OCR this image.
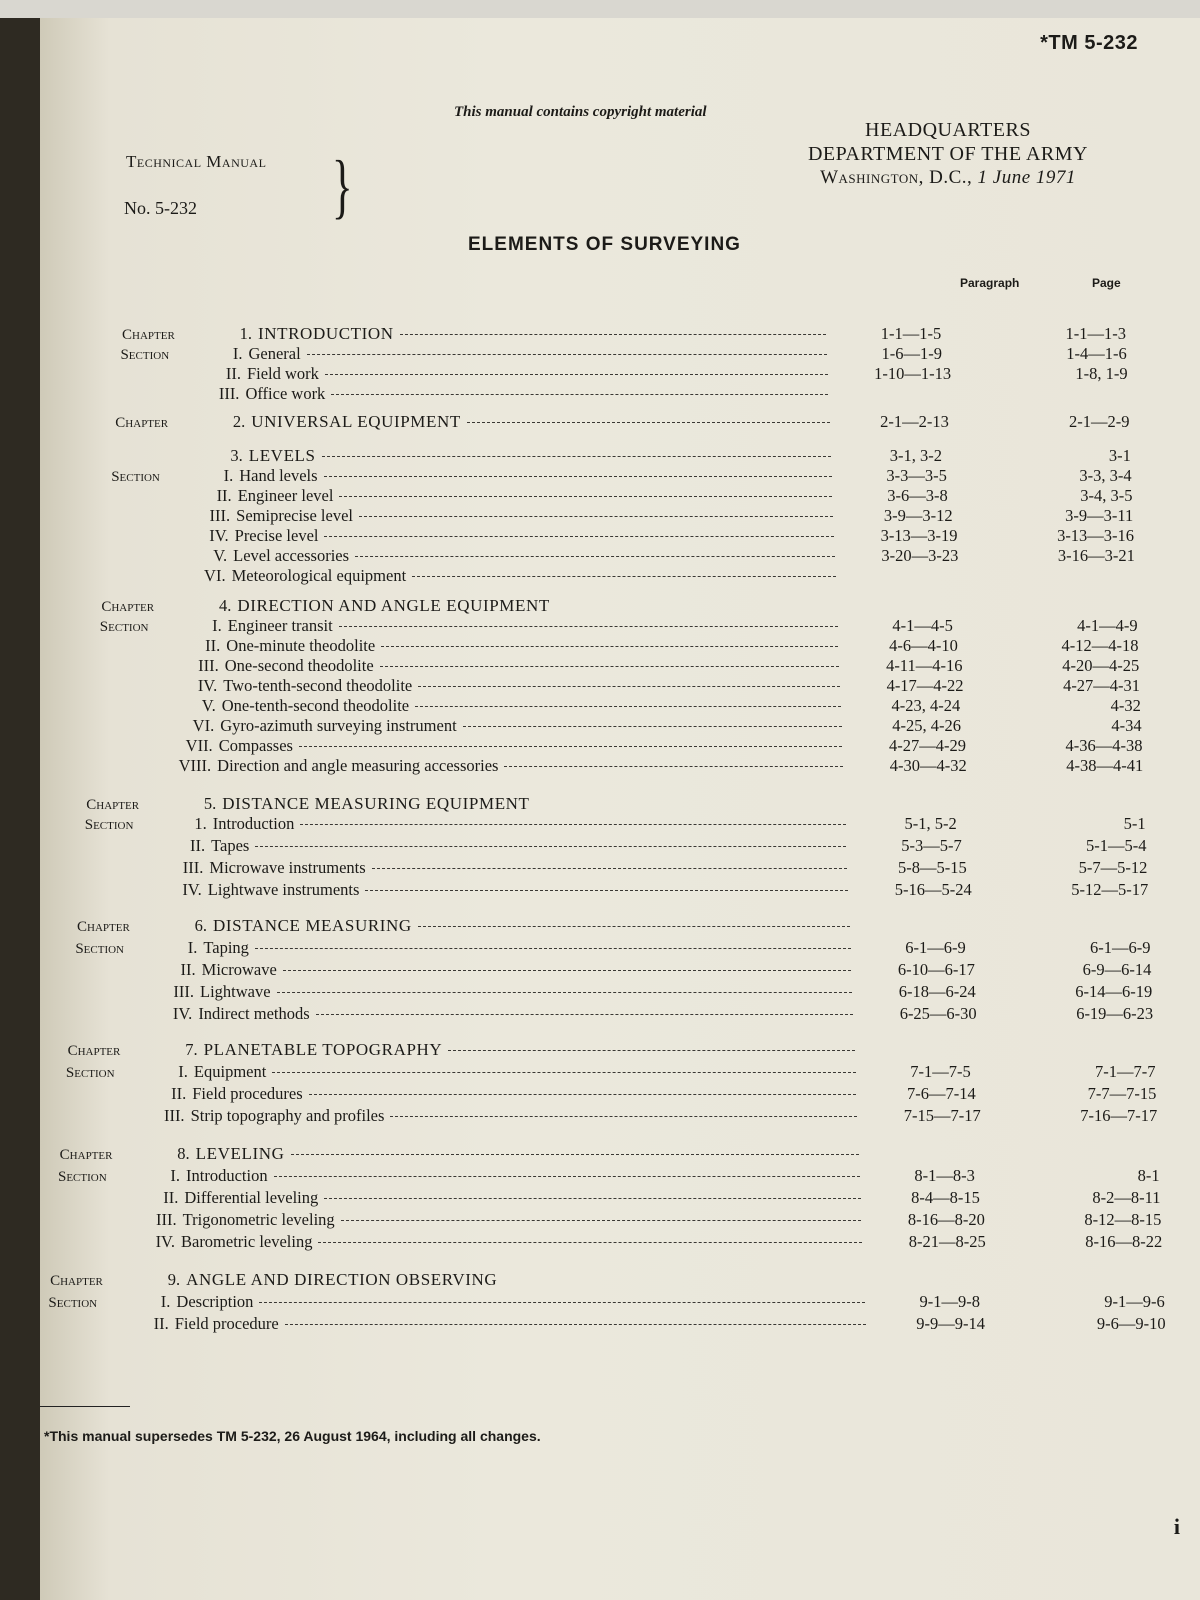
*TM 5-232
This manual contains copyright material
Technical Manual
No. 5-232 }
HEADQUARTERS
DEPARTMENT OF THE ARMY
Washington, D.C., 1 June 1971
ELEMENTS OF SURVEYING
Paragraph	Page
Chapter	1. INTRODUCTION	1-1—1-5	1-1—1-3
Section	I. General	1-6—1-9	1-4—1-6
II. Field work	1-10—1-13	1-8, 1-9
III. Office work
Chapter	2. UNIVERSAL EQUIPMENT	2-1—2-13	2-1—2-9
3. LEVELS	3-1, 3-2	3-1
Section	I. Hand levels	3-3—3-5	3-3, 3-4
II. Engineer level	3-6—3-8	3-4, 3-5
III. Semiprecise level	3-9—3-12	3-9—3-11
IV. Precise level	3-13—3-19	3-13—3-16
V. Level accessories	3-20—3-23	3-16—3-21
VI. Meteorological equipment
Chapter	4. DIRECTION AND ANGLE EQUIPMENT
Section	I. Engineer transit	4-1—4-5	4-1—4-9
II. One-minute theodolite	4-6—4-10	4-12—4-18
III. One-second theodolite	4-11—4-16	4-20—4-25
IV. Two-tenth-second theodolite	4-17—4-22	4-27—4-31
V. One-tenth-second theodolite	4-23, 4-24	4-32
VI. Gyro-azimuth surveying instrument	4-25, 4-26	4-34
VII. Compasses	4-27—4-29	4-36—4-38
VIII. Direction and angle measuring accessories	4-30—4-32	4-38—4-41
Chapter	5. DISTANCE MEASURING EQUIPMENT
Section	1. Introduction	5-1, 5-2	5-1
II. Tapes	5-3—5-7	5-1—5-4
III. Microwave instruments	5-8—5-15	5-7—5-12
IV. Lightwave instruments	5-16—5-24	5-12—5-17
Chapter	6. DISTANCE MEASURING
Section	I. Taping	6-1—6-9	6-1—6-9
II. Microwave	6-10—6-17	6-9—6-14
III. Lightwave	6-18—6-24	6-14—6-19
IV. Indirect methods	6-25—6-30	6-19—6-23
Chapter	7. PLANETABLE TOPOGRAPHY
Section	I. Equipment	7-1—7-5	7-1—7-7
II. Field procedures	7-6—7-14	7-7—7-15
III. Strip topography and profiles	7-15—7-17	7-16—7-17
Chapter	8. LEVELING
Section	I. Introduction	8-1—8-3	8-1
II. Differential leveling	8-4—8-15	8-2—8-11
III. Trigonometric leveling	8-16—8-20	8-12—8-15
IV. Barometric leveling	8-21—8-25	8-16—8-22
Chapter	9. ANGLE AND DIRECTION OBSERVING
Section	I. Description	9-1—9-8	9-1—9-6
II. Field procedure	9-9—9-14	9-6—9-10
*This manual supersedes TM 5-232, 26 August 1964, including all changes.
i
